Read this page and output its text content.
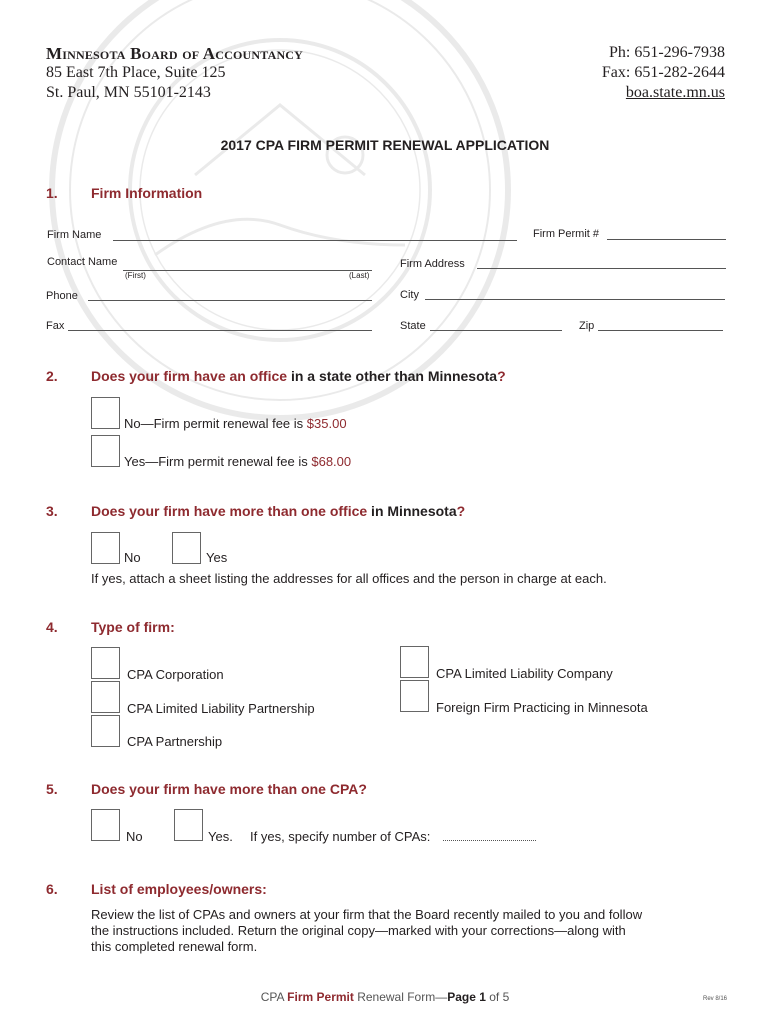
Minnesota Board of Accountancy
85 East 7th Place, Suite 125
St. Paul, MN 55101-2143
Ph: 651-296-7938
Fax: 651-282-2644
boa.state.mn.us
2017 CPA FIRM PERMIT RENEWAL APPLICATION
1. Firm Information
Firm Name	Firm Permit #
Contact Name
(First)	(Last)
Firm Address
Phone	City
Fax	State	Zip
2. Does your firm have an office in a state other than Minnesota?
No—Firm permit renewal fee is $35.00
Yes—Firm permit renewal fee is $68.00
3. Does your firm have more than one office in Minnesota?
No	Yes
If yes, attach a sheet listing the addresses for all offices and the person in charge at each.
4. Type of firm:
CPA Corporation	CPA Limited Liability Company
CPA Limited Liability Partnership	Foreign Firm Practicing in Minnesota
CPA Partnership
5. Does your firm have more than one CPA?
No	Yes. If yes, specify number of CPAs:
6. List of employees/owners:
Review the list of CPAs and owners at your firm that the Board recently mailed to you and follow
the instructions included. Return the original copy—marked with your corrections—along with
this completed renewal form.
CPA Firm Permit Renewal Form—Page 1 of 5	Rev 8/16
